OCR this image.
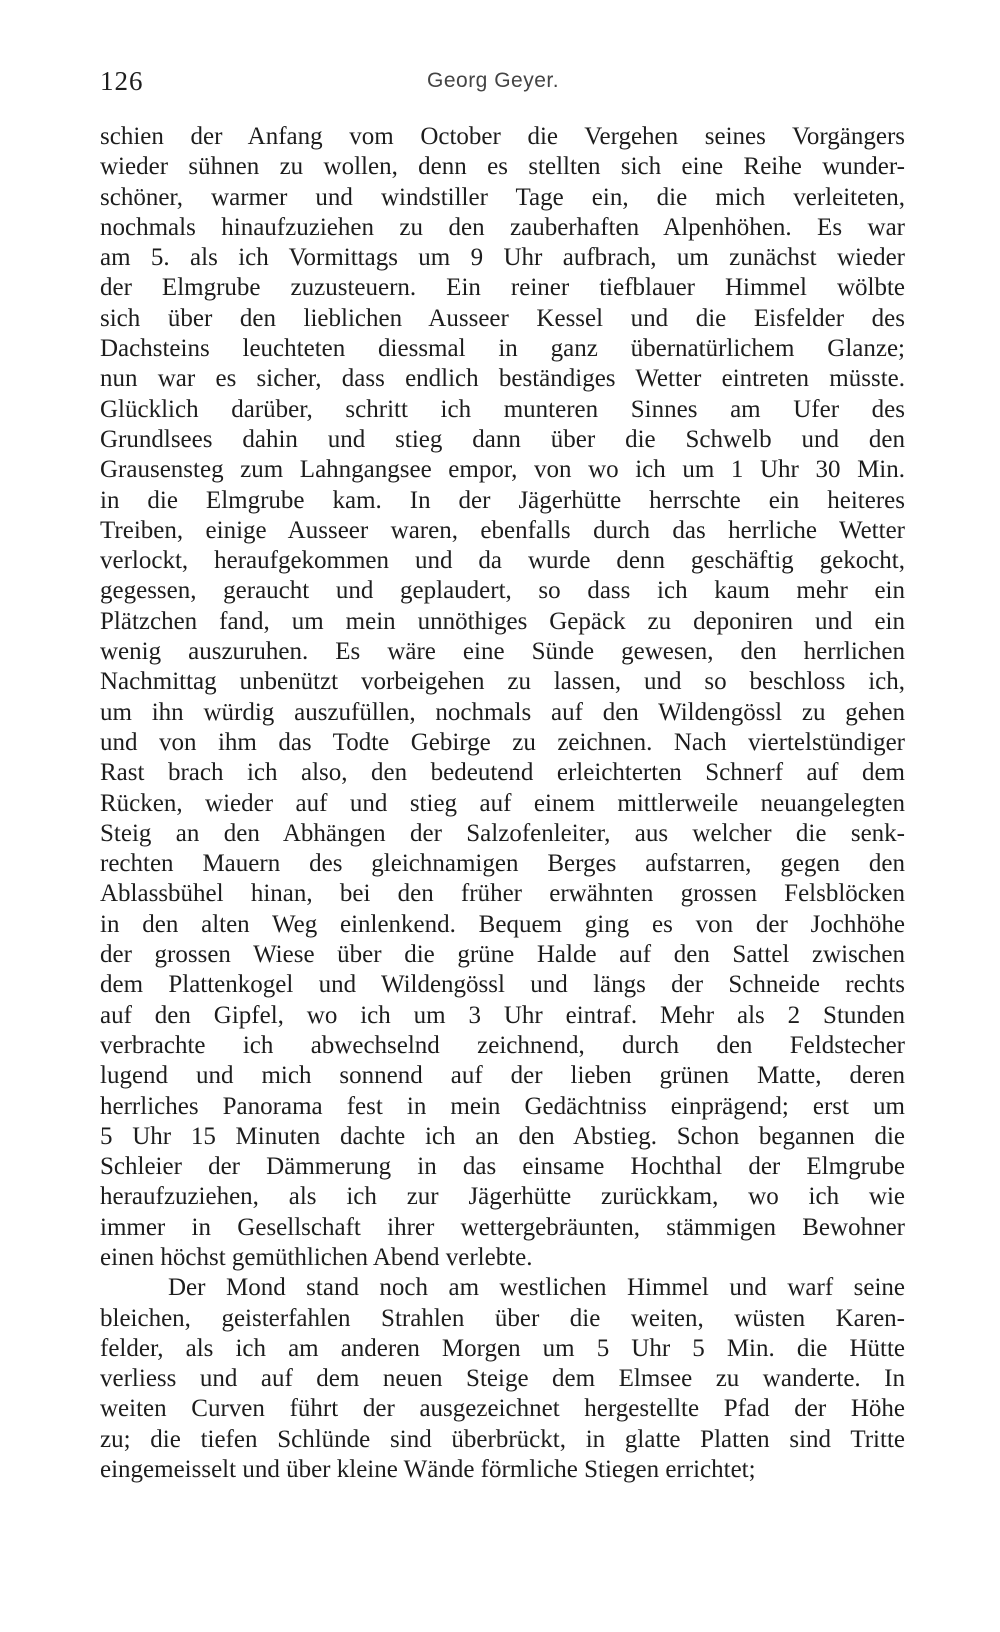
126	Georg Geyer.
schien der Anfang vom October die Vergehen seines Vorgängers
wieder sühnen zu wollen, denn es stellten sich eine Reihe wunder-
schöner, warmer und windstiller Tage ein, die mich verleiteten,
nochmals hinaufzuziehen zu den zauberhaften Alpenhöhen. Es war
am 5. als ich Vormittags um 9 Uhr aufbrach, um zunächst wieder
der Elmgrube zuzusteuern. Ein reiner tiefblauer Himmel wölbte
sich über den lieblichen Ausseer Kessel und die Eisfelder des
Dachsteins leuchteten diessmal in ganz übernatürlichem Glanze;
nun war es sicher, dass endlich beständiges Wetter eintreten müsste.
Glücklich darüber, schritt ich munteren Sinnes am Ufer des
Grundlsees dahin und stieg dann über die Schwelb und den
Grausensteg zum Lahngangsee empor, von wo ich um 1 Uhr 30 Min.
in die Elmgrube kam. In der Jägerhütte herrschte ein heiteres
Treiben, einige Ausseer waren, ebenfalls durch das herrliche Wetter
verlockt, heraufgekommen und da wurde denn geschäftig gekocht,
gegessen, geraucht und geplaudert, so dass ich kaum mehr ein
Plätzchen fand, um mein unnöthiges Gepäck zu deponiren und ein
wenig auszuruhen. Es wäre eine Sünde gewesen, den herrlichen
Nachmittag unbenützt vorbeigehen zu lassen, und so beschloss ich,
um ihn würdig auszufüllen, nochmals auf den Wildengössl zu gehen
und von ihm das Todte Gebirge zu zeichnen. Nach viertelstündiger
Rast brach ich also, den bedeutend erleichterten Schnerf auf dem
Rücken, wieder auf und stieg auf einem mittlerweile neuangelegten
Steig an den Abhängen der Salzofenleiter, aus welcher die senk-
rechten Mauern des gleichnamigen Berges aufstarren, gegen den
Ablassbühel hinan, bei den früher erwähnten grossen Felsblöcken
in den alten Weg einlenkend. Bequem ging es von der Jochhöhe
der grossen Wiese über die grüne Halde auf den Sattel zwischen
dem Plattenkogel und Wildengössl und längs der Schneide rechts
auf den Gipfel, wo ich um 3 Uhr eintraf. Mehr als 2 Stunden
verbrachte ich abwechselnd zeichnend, durch den Feldstecher
lugend und mich sonnend auf der lieben grünen Matte, deren
herrliches Panorama fest in mein Gedächtniss einprägend; erst um
5 Uhr 15 Minuten dachte ich an den Abstieg. Schon begannen die
Schleier der Dämmerung in das einsame Hochthal der Elmgrube
heraufzuziehen, als ich zur Jägerhütte zurückkam, wo ich wie
immer in Gesellschaft ihrer wettergebräunten, stämmigen Bewohner
einen höchst gemüthlichen Abend verlebte.
Der Mond stand noch am westlichen Himmel und warf seine
bleichen, geisterfahlen Strahlen über die weiten, wüsten Karen-
felder, als ich am anderen Morgen um 5 Uhr 5 Min. die Hütte
verliess und auf dem neuen Steige dem Elmsee zu wanderte. In
weiten Curven führt der ausgezeichnet hergestellte Pfad der Höhe
zu; die tiefen Schlünde sind überbrückt, in glatte Platten sind Tritte
eingemeisselt und über kleine Wände förmliche Stiegen errichtet;
